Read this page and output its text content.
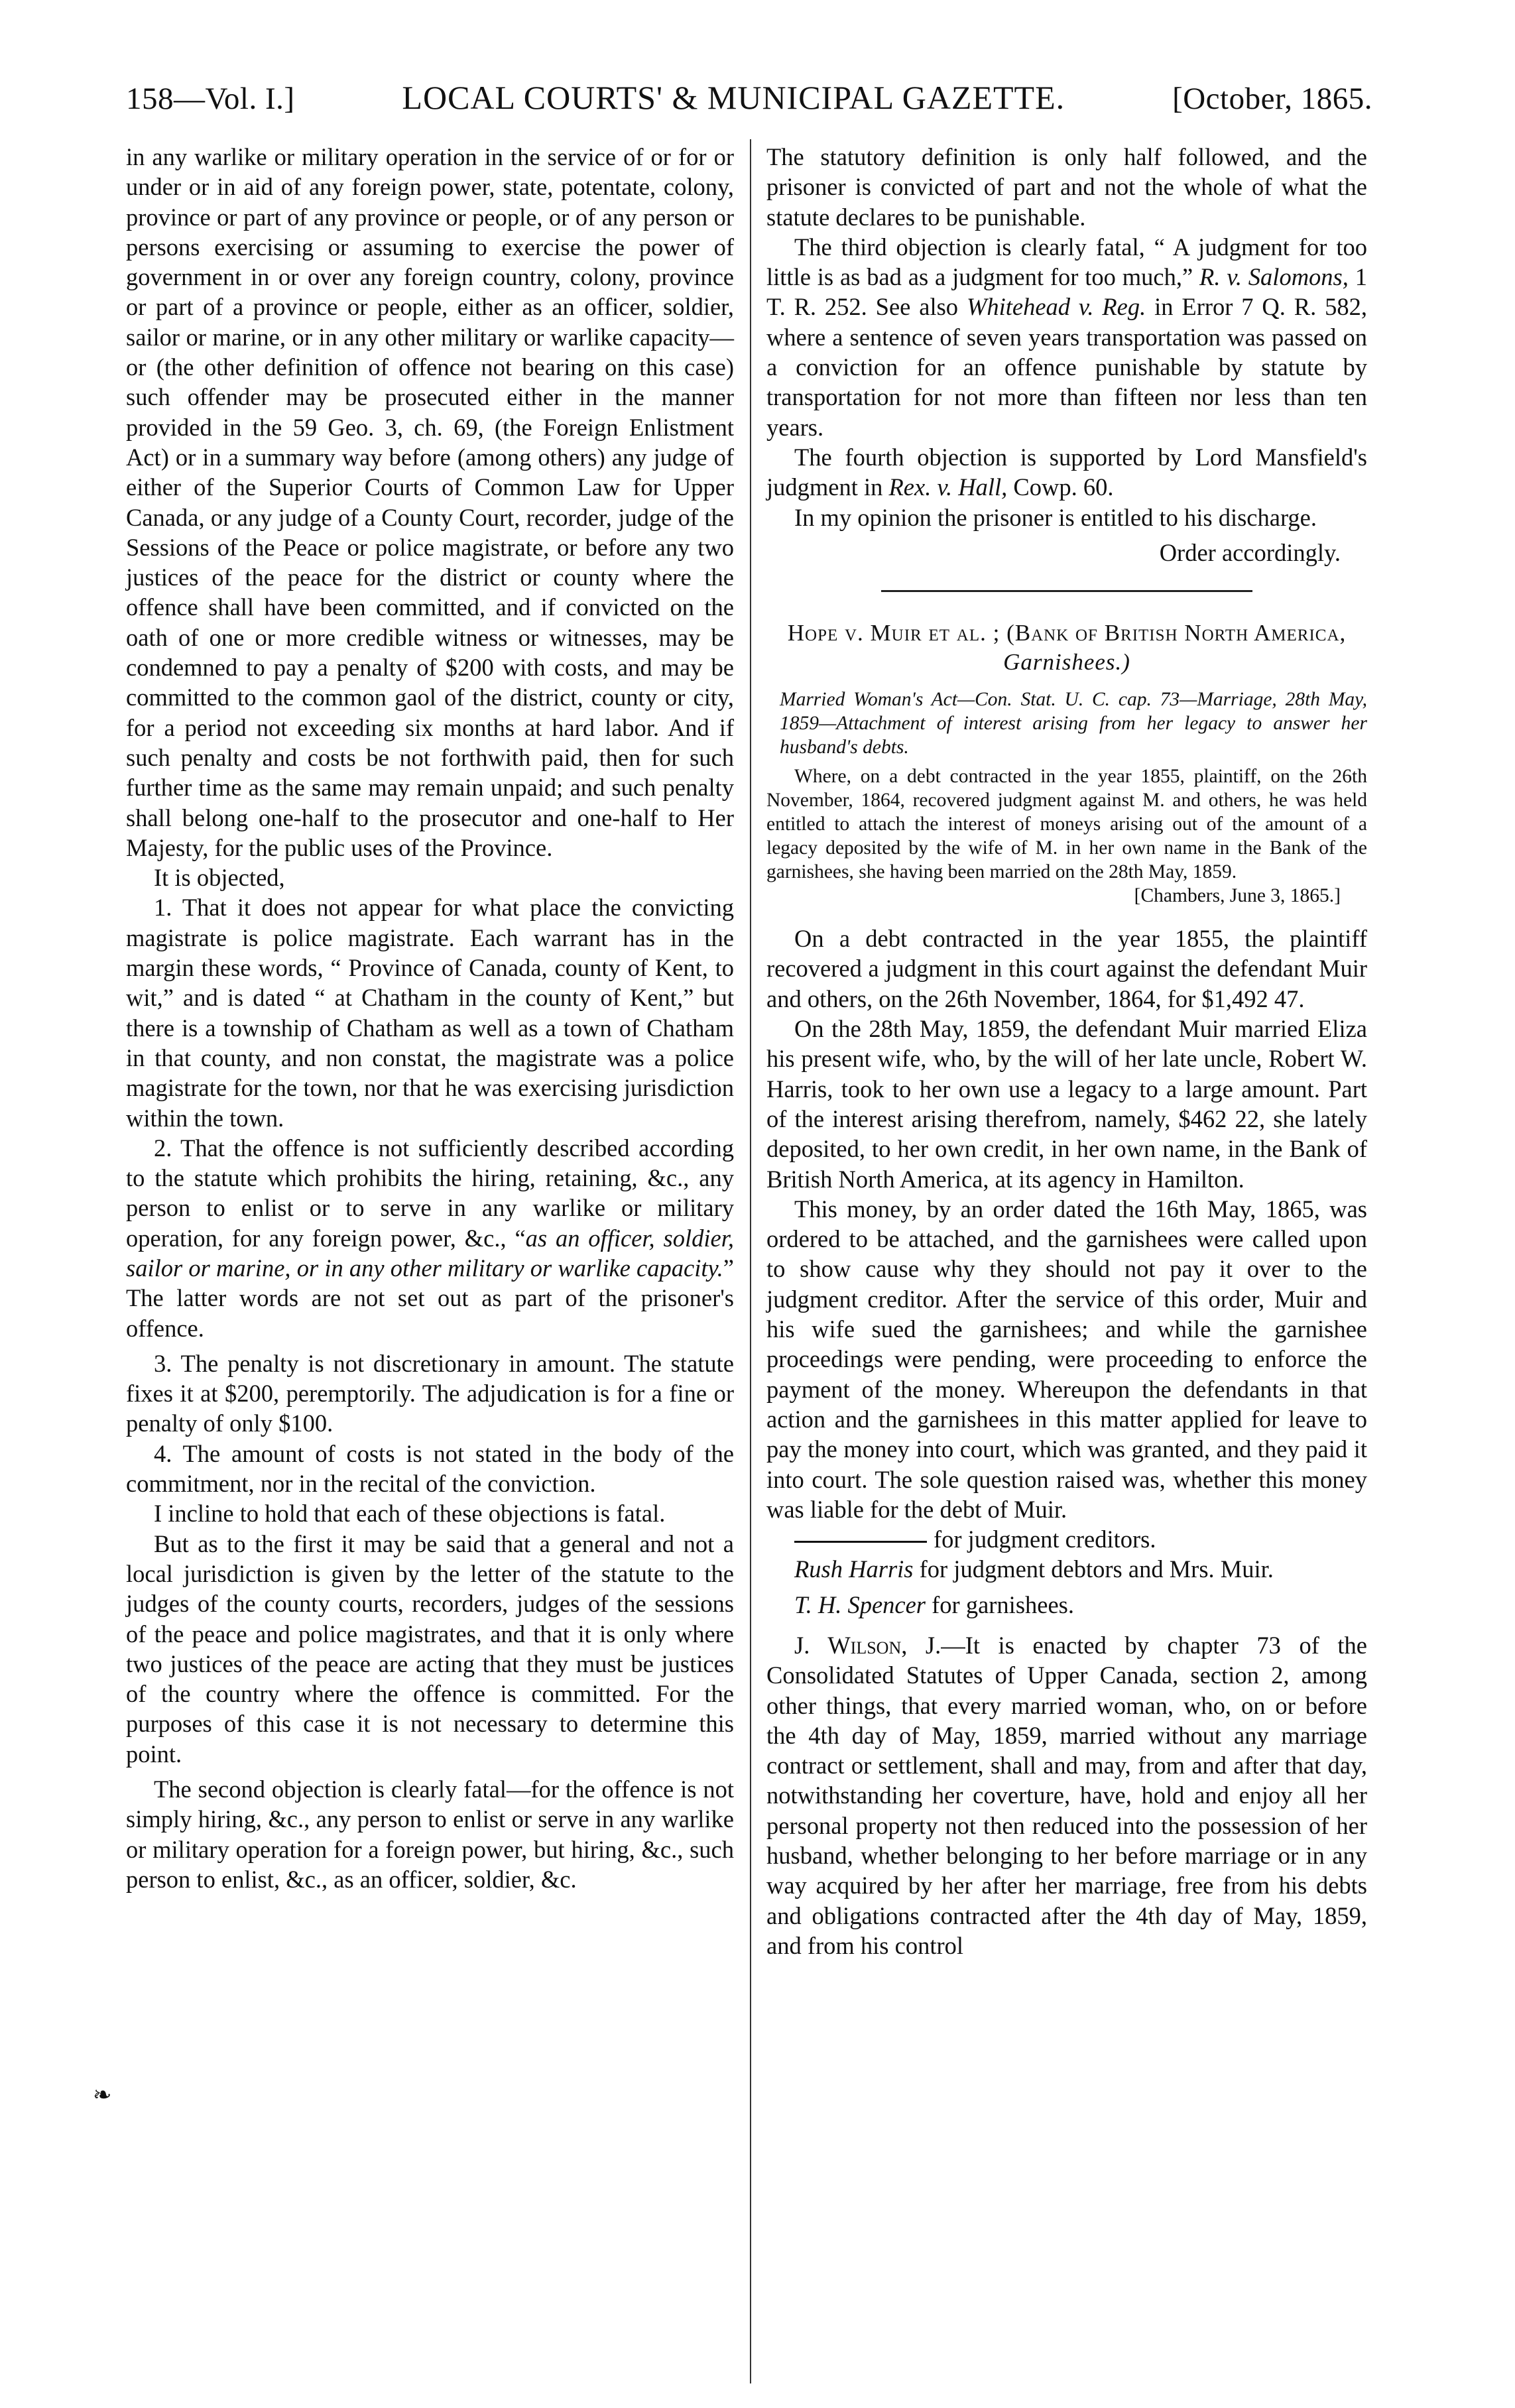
158—Vol. I.]	LOCAL COURTS' & MUNICIPAL GAZETTE.	[October, 1865.

in any warlike or military operation in the service of or for or under or in aid of any foreign power, state, potentate, colony, province or part of any province or people, or of any person or persons exercising or assuming to exercise the power of government in or over any foreign country, colony, province or part of a province or people, either as an officer, soldier, sailor or marine, or in any other military or warlike capacity—or (the other definition of offence not bearing on this case) such offender may be prosecuted either in the manner provided in the 59 Geo. 3, ch. 69, (the Foreign Enlistment Act) or in a summary way before (among others) any judge of either of the Superior Courts of Common Law for Upper Canada, or any judge of a County Court, recorder, judge of the Sessions of the Peace or police magistrate, or before any two justices of the peace for the district or county where the offence shall have been committed, and if convicted on the oath of one or more credible witness or witnesses, may be condemned to pay a penalty of $200 with costs, and may be committed to the common gaol of the district, county or city, for a period not exceeding six months at hard labor. And if such penalty and costs be not forthwith paid, then for such further time as the same may remain unpaid; and such penalty shall belong one-half to the prosecutor and one-half to Her Majesty, for the public uses of the Province.

It is objected,

1. That it does not appear for what place the convicting magistrate is police magistrate. Each warrant has in the margin these words, “ Province of Canada, county of Kent, to wit,” and is dated “ at Chatham in the county of Kent,” but there is a township of Chatham as well as a town of Chatham in that county, and non constat, the magistrate was a police magistrate for the town, nor that he was exercising jurisdiction within the town.

2. That the offence is not sufficiently described according to the statute which prohibits the hiring, retaining, &c., any person to enlist or to serve in any warlike or military operation, for any foreign power, &c., “as an officer, soldier, sailor or marine, or in any other military or warlike capacity.” The latter words are not set out as part of the prisoner's offence.

3. The penalty is not discretionary in amount. The statute fixes it at $200, peremptorily. The adjudication is for a fine or penalty of only $100.

4. The amount of costs is not stated in the body of the commitment, nor in the recital of the conviction.

I incline to hold that each of these objections is fatal.

But as to the first it may be said that a general and not a local jurisdiction is given by the letter of the statute to the judges of the county courts, recorders, judges of the sessions of the peace and police magistrates, and that it is only where two justices of the peace are acting that they must be justices of the country where the offence is committed. For the purposes of this case it is not necessary to determine this point.

The second objection is clearly fatal—for the offence is not simply hiring, &c., any person to enlist or serve in any warlike or military operation for a foreign power, but hiring, &c., such person to enlist, &c., as an officer, soldier, &c.

The statutory definition is only half followed, and the prisoner is convicted of part and not the whole of what the statute declares to be punishable.

The third objection is clearly fatal, “ A judgment for too little is as bad as a judgment for too much,” R. v. Salomons, 1 T. R. 252. See also Whitehead v. Reg. in Error 7 Q. R. 582, where a sentence of seven years transportation was passed on a conviction for an offence punishable by statute by transportation for not more than fifteen nor less than ten years.

The fourth objection is supported by Lord Mansfield's judgment in Rex. v. Hall, Cowp. 60.

In my opinion the prisoner is entitled to his discharge.

Order accordingly.

Hope v. Muir et al. ; (Bank of British North America, Garnishees.)

Married Woman's Act—Con. Stat. U. C. cap. 73—Marriage, 28th May, 1859—Attachment of interest arising from her legacy to answer her husband's debts.

Where, on a debt contracted in the year 1855, plaintiff, on the 26th November, 1864, recovered judgment against M. and others, he was held entitled to attach the interest of moneys arising out of the amount of a legacy deposited by the wife of M. in her own name in the Bank of the garnishees, she having been married on the 28th May, 1859.

[Chambers, June 3, 1865.]

On a debt contracted in the year 1855, the plaintiff recovered a judgment in this court against the defendant Muir and others, on the 26th November, 1864, for $1,492 47.

On the 28th May, 1859, the defendant Muir married Eliza his present wife, who, by the will of her late uncle, Robert W. Harris, took to her own use a legacy to a large amount. Part of the interest arising therefrom, namely, $462 22, she lately deposited, to her own credit, in her own name, in the Bank of British North America, at its agency in Hamilton.

This money, by an order dated the 16th May, 1865, was ordered to be attached, and the garnishees were called upon to show cause why they should not pay it over to the judgment creditor. After the service of this order, Muir and his wife sued the garnishees; and while the garnishee proceedings were pending, were proceeding to enforce the payment of the money. Whereupon the defendants in that action and the garnishees in this matter applied for leave to pay the money into court, which was granted, and they paid it into court. The sole question raised was, whether this money was liable for the debt of Muir.

for judgment creditors.

Rush Harris for judgment debtors and Mrs. Muir.

T. H. Spencer for garnishees.

J. Wilson, J.—It is enacted by chapter 73 of the Consolidated Statutes of Upper Canada, section 2, among other things, that every married woman, who, on or before the 4th day of May, 1859, married without any marriage contract or settlement, shall and may, from and after that day, notwithstanding her coverture, have, hold and enjoy all her personal property not then reduced into the possession of her husband, whether belonging to her before marriage or in any way acquired by her after her marriage, free from his debts and obligations contracted after the 4th day of May, 1859, and from his control

❧
